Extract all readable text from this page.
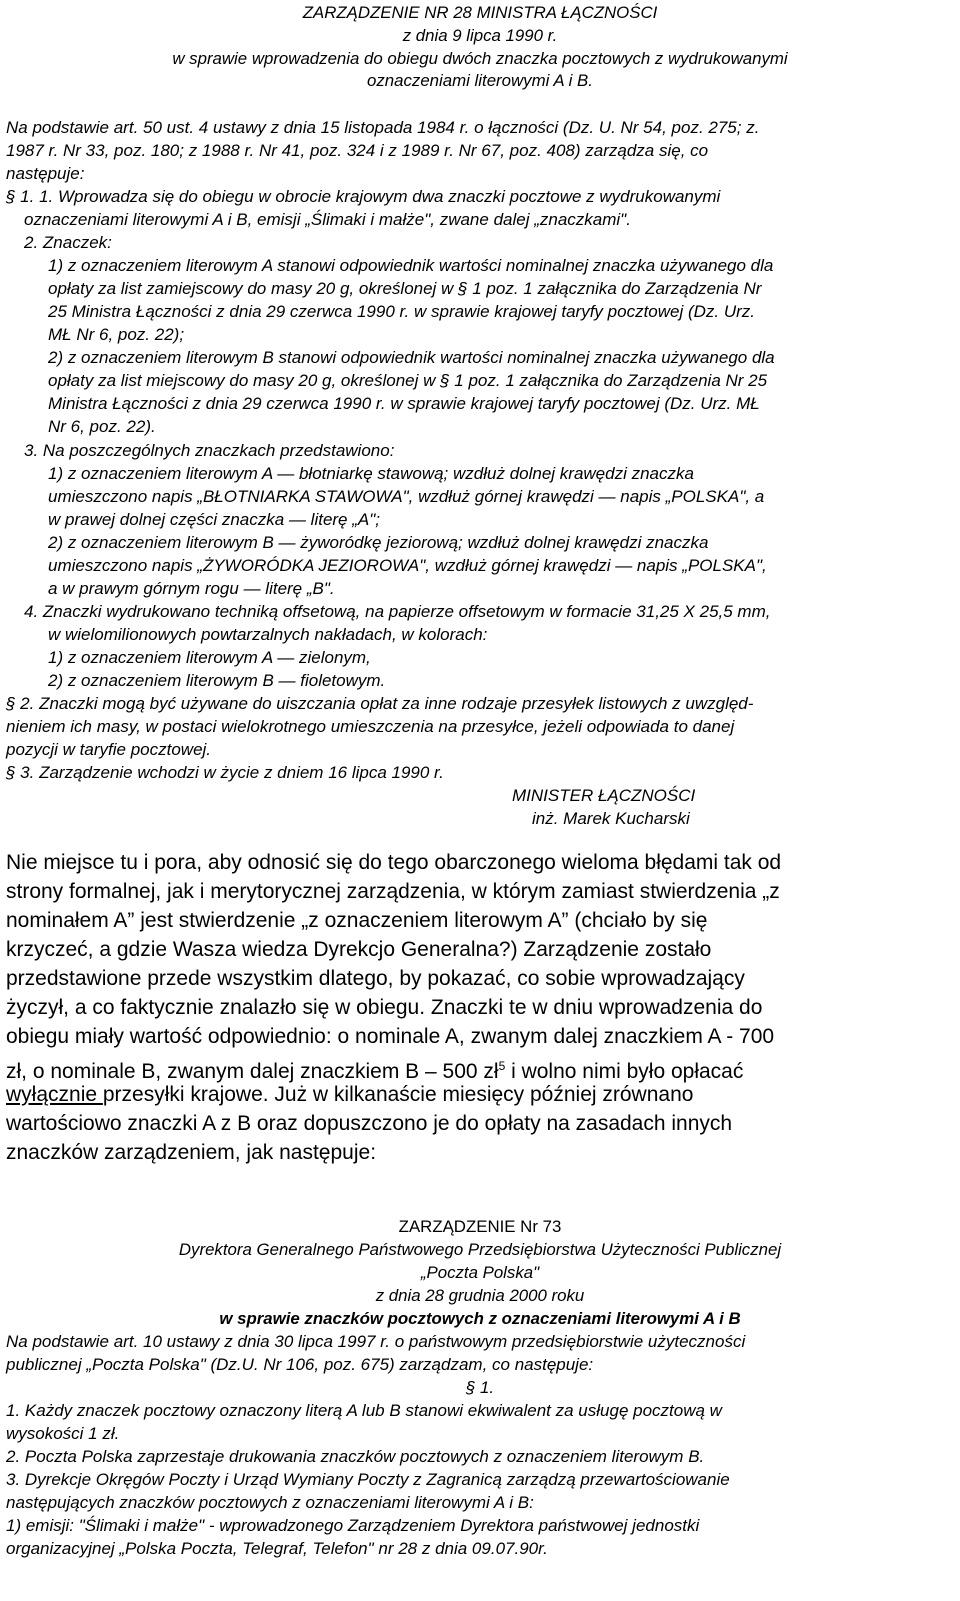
ZARZĄDZENIE NR 28 MINISTRA ŁĄCZNOŚCI
z dnia 9 lipca 1990 r.
w sprawie wprowadzenia do obiegu dwóch znaczka pocztowych z wydrukowanymi
oznaczeniami literowymi A i B.
Na podstawie art. 50 ust. 4 ustawy z dnia 15 listopada 1984 r. o łączności (Dz. U. Nr 54, poz. 275; z.
1987 r. Nr 33, poz. 180; z 1988 r. Nr 41, poz. 324 i z 1989 r. Nr 67, poz. 408) zarządza się, co
następuje:
§ 1. 1. Wprowadza się do obiegu w obrocie krajowym dwa znaczki pocztowe z wydrukowanymi
oznaczeniami literowymi A i B, emisji „Ślimaki i małże", zwane dalej „znaczkami".
2. Znaczek:
1) z oznaczeniem literowym A stanowi odpowiednik wartości nominalnej znaczka używanego dla
opłaty za list zamiejscowy do masy 20 g, określonej w § 1 poz. 1 załącznika do Zarządzenia Nr
25 Ministra Łączności z dnia 29 czerwca 1990 r. w sprawie krajowej taryfy pocztowej (Dz. Urz.
MŁ Nr 6, poz. 22);
2) z oznaczeniem literowym B stanowi odpowiednik wartości nominalnej znaczka używanego dla
opłaty za list miejscowy do masy 20 g, określonej w § 1 poz. 1 załącznika do Zarządzenia Nr 25
Ministra Łączności z dnia 29 czerwca 1990 r. w sprawie krajowej taryfy pocztowej (Dz. Urz. MŁ
Nr 6, poz. 22).
3. Na poszczególnych znaczkach przedstawiono:
1) z oznaczeniem literowym A — błotniarkę stawową; wzdłuż dolnej krawędzi znaczka
umieszczono napis „BŁOTNIARKA STAWOWA", wzdłuż górnej krawędzi — napis „POLSKA", a
w prawej dolnej części znaczka — literę „A";
2) z oznaczeniem literowym B — żyworódkę jeziorową; wzdłuż dolnej krawędzi znaczka
umieszczono napis „ŻYWORÓDKA JEZIOROWA", wzdłuż górnej krawędzi — napis „POLSKA",
a w prawym górnym rogu — literę „B".
4. Znaczki wydrukowano techniką offsetową, na papierze offsetowym w formacie 31,25 X 25,5 mm,
w wielomilionowych powtarzalnych nakładach, w kolorach:
1) z oznaczeniem literowym A — zielonym,
2) z oznaczeniem literowym B — fioletowym.
§ 2. Znaczki mogą być używane do uiszczania opłat za inne rodzaje przesyłek listowych z uwzględ-
nieniem ich masy, w postaci wielokrotnego umieszczenia na przesyłce, jeżeli odpowiada to danej
pozycji w taryfie pocztowej.
§ 3. Zarządzenie wchodzi w życie z dniem 16 lipca 1990 r.
MINISTER ŁĄCZNOŚCI
inż. Marek Kucharski
Nie miejsce tu i pora, aby odnosić się do tego obarczonego wieloma błędami tak od
strony formalnej, jak i merytorycznej zarządzenia, w którym zamiast stwierdzenia „z
nominałem A” jest stwierdzenie „z oznaczeniem literowym A” (chciało by się
krzyczeć, a gdzie Wasza wiedza Dyrekcjo Generalna?) Zarządzenie zostało
przedstawione przede wszystkim dlatego, by pokazać, co sobie wprowadzający
życzył, a co faktycznie znalazło się w obiegu. Znaczki te w dniu wprowadzenia do
obiegu miały wartość odpowiednio: o nominale A, zwanym dalej znaczkiem A - 700
zł, o nominale B, zwanym dalej znaczkiem B – 500 $zł^5$ i wolno nimi było opłacać
wyłącznie przesyłki krajowe. Już w kilkanaście miesięcy później zrównano
wartościowo znaczki A z B oraz dopuszczono je do opłaty na zasadach innych
znaczków zarządzeniem, jak następuje:
ZARZĄDZENIE Nr 73
Dyrektora Generalnego Państwowego Przedsiębiorstwa Użyteczności Publicznej
„Poczta Polska"
z dnia 28 grudnia 2000 roku
w sprawie znaczków pocztowych z oznaczeniami literowymi A i B
Na podstawie art. 10 ustawy z dnia 30 lipca 1997 r. o państwowym przedsiębiorstwie użyteczności
publicznej „Poczta Polska" (Dz.U. Nr 106, poz. 675) zarządzam, co następuje:
§ 1.
1. Każdy znaczek pocztowy oznaczony literą A lub B stanowi ekwiwalent za usługę pocztową w
wysokości 1 zł.
2. Poczta Polska zaprzestaje drukowania znaczków pocztowych z oznaczeniem literowym B.
3. Dyrekcje Okręgów Poczty i Urząd Wymiany Poczty z Zagranicą zarządzą przewartościowanie
następujących znaczków pocztowych z oznaczeniami literowymi A i B:
1) emisji: "Ślimaki i małże" - wprowadzonego Zarządzeniem Dyrektora państwowej jednostki
organizacyjnej „Polska Poczta, Telegraf, Telefon" nr 28 z dnia 09.07.90r.
